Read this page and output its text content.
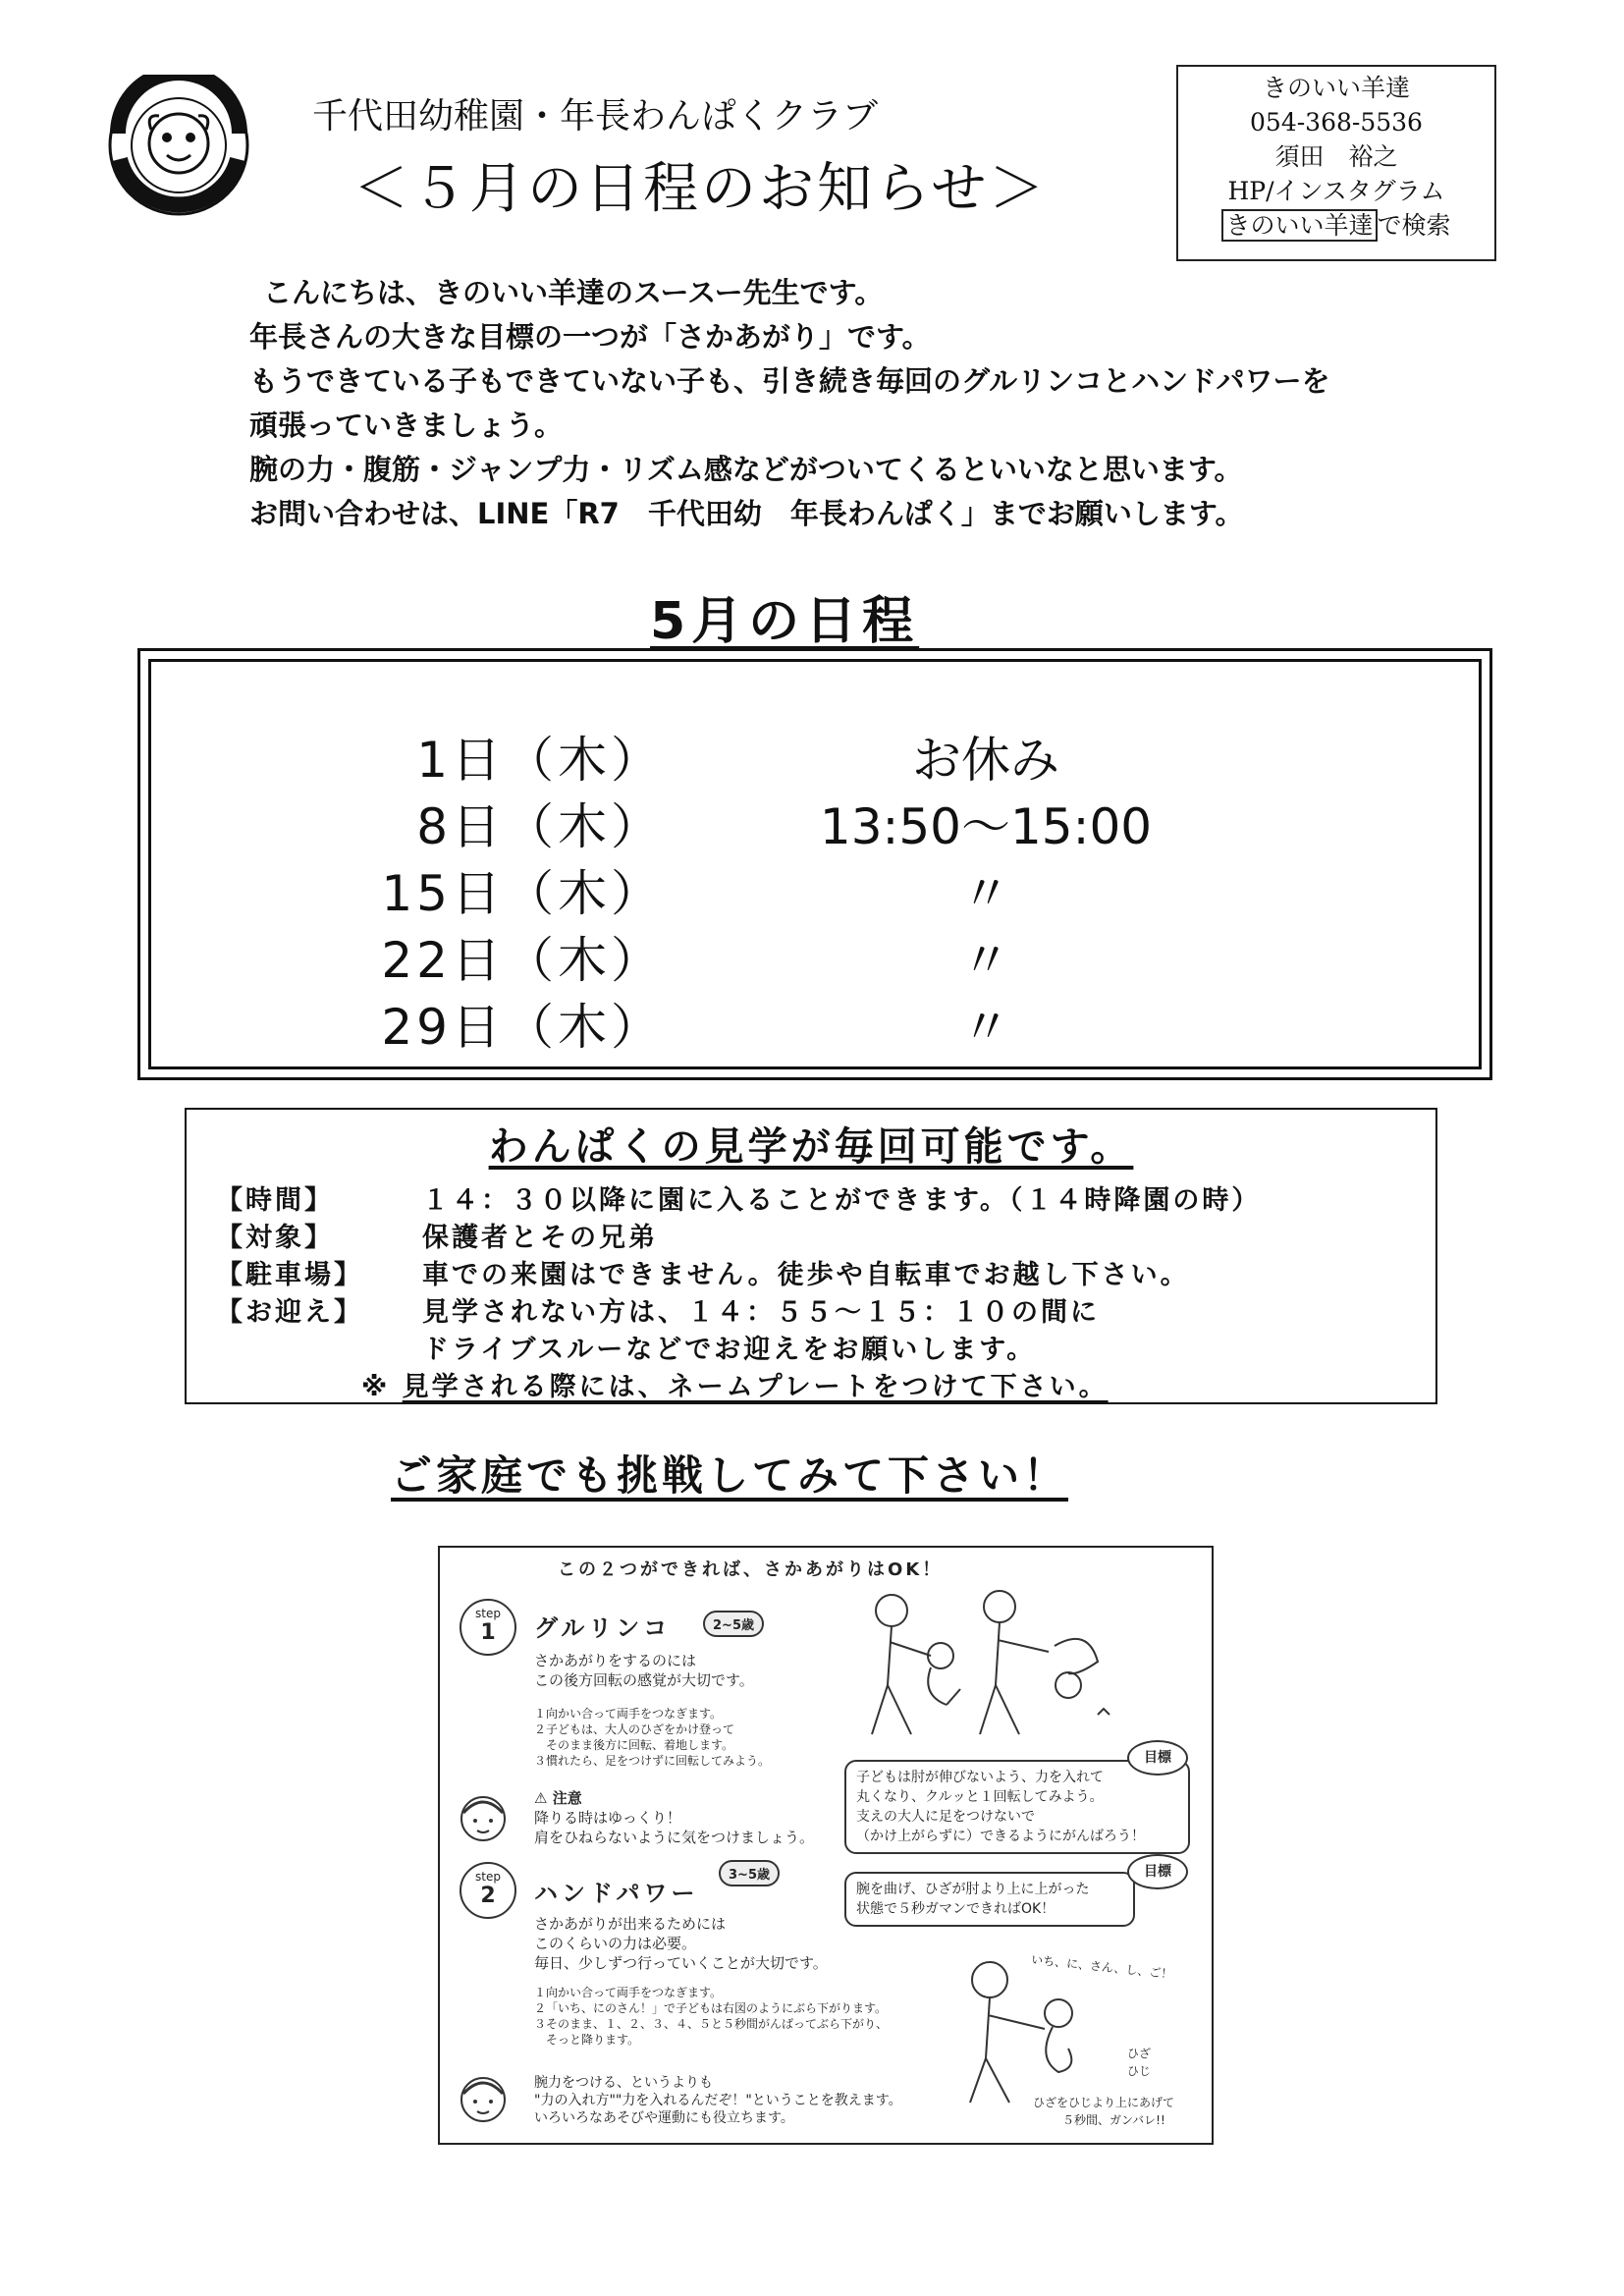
千代田幼稚園・年長わんぱくクラブ
＜５月の日程のお知らせ＞
きのいい羊達
054-368-5536
須田　裕之
HP/インスタグラム
きのいい羊達 で検索
こんにちは、きのいい羊達のスースー先生です。
年長さんの大きな目標の一つが「さかあがり」です。
もうできている子もできていない子も、引き続き毎回のグルリンコとハンドパワーを
頑張っていきましょう。
腕の力・腹筋・ジャンプ力・リズム感などがついてくるといいなと思います。
お問い合わせは、LINE「R7　千代田幼　年長わんぱく」までお願いします。
5月の日程
1日（木）	お休み
8日（木）	13:50～15:00
15日（木）	〃
22日（木）	〃
29日（木）	〃
わんぱくの見学が毎回可能です。
【時間】	１４：３０以降に園に入ることができます。（１４時降園の時）
【対象】	保護者とその兄弟
【駐車場】	車での来園はできません。徒歩や自転車でお越し下さい。
【お迎え】	見学されない方は、１４：５５～１５：１０の間に
ドライブスルーなどでお迎えをお願いします。
※ 見学される際には、ネームプレートをつけて下さい。
ご家庭でも挑戦してみて下さい！
この２つができれば、さかあがりはOK！
step
1	グルリンコ	2~5歳
さかあがりをするのには
この後方回転の感覚が大切です。
１向かい合って両手をつなぎます。
２子どもは、大人のひざをかけ登って
　そのまま後方に回転、着地します。
３慣れたら、足をつけずに回転してみよう。
⚠ 注意
降りる時はゆっくり！
肩をひねらないように気をつけましょう。
子どもは肘が伸びないよう、力を入れて
丸くなり、クルッと１回転してみよう。
支えの大人に足をつけないで
（かけ上がらずに）できるようにがんばろう！
目標
step
2	ハンドパワー
3~5歳
さかあがりが出来るためには
このくらいの力は必要。
毎日、少しずつ行っていくことが大切です。
１向かい合って両手をつなぎます。
２「いち、にのさん！」で子どもは右図のようにぶら下がります。
３そのまま、１、２、３、４、５と５秒間がんばってぶら下がり、
　そっと降ります。
腕力をつける、というよりも
"力の入れ方""力を入れるんだぞ！"ということを教えます。
いろいろなあそびや運動にも役立ちます。
腕を曲げ、ひざが肘より上に上がった
状態で５秒ガマンできればOK！
目標
いち、に、さん、し、ご！
ひざ
ひじ
ひざをひじより上にあげて
５秒間、ガンバレ!!
